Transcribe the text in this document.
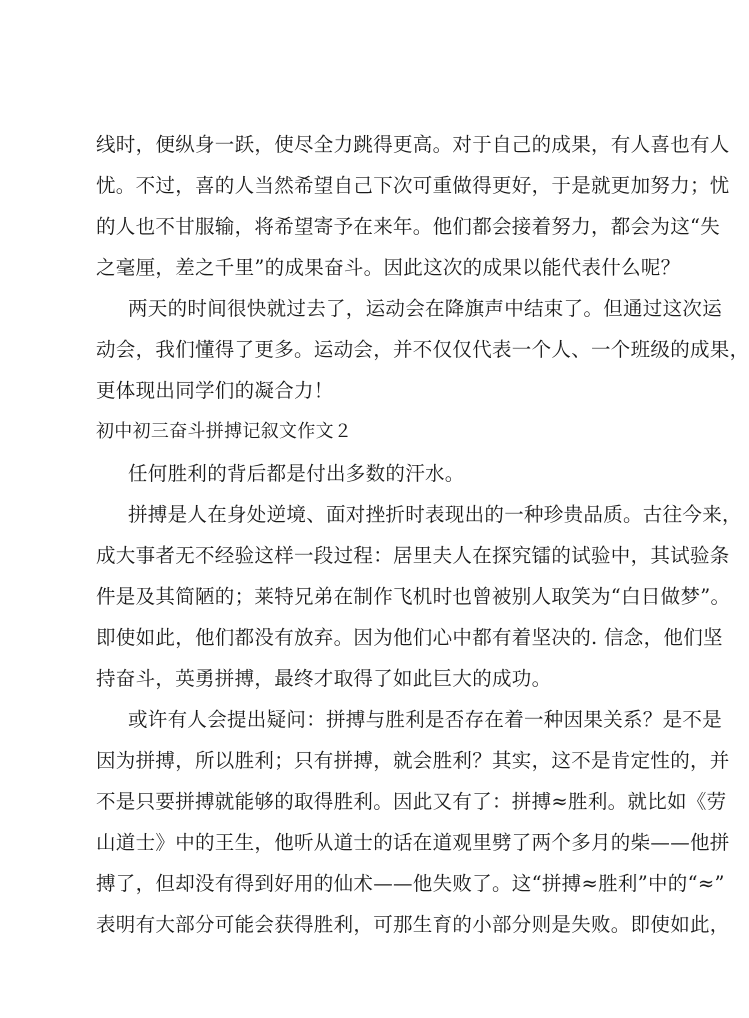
线时，便纵身一跃，使尽全力跳得更高。对于自己的成果，有人喜也有人
忧。不过，喜的人当然希望自己下次可重做得更好，于是就更加努力；忧
的人也不甘服输，将希望寄予在来年。他们都会接着努力，都会为这“失
之毫厘，差之千里”的成果奋斗。因此这次的成果以能代表什么呢？
两天的时间很快就过去了，运动会在降旗声中结束了。但通过这次运
动会，我们懂得了更多。运动会，并不仅仅代表一个人、一个班级的成果，
更体现出同学们的凝合力！
初中初三奋斗拼搏记叙文作文２
任何胜利的背后都是付出多数的汗水。
拼搏是人在身处逆境、面对挫折时表现出的一种珍贵品质。古往今来，
成大事者无不经验这样一段过程：居里夫人在探究镭的试验中，其试验条
件是及其简陋的；莱特兄弟在制作飞机时也曾被别人取笑为“白日做梦”。
即使如此，他们都没有放弃。因为他们心中都有着坚决的. 信念，他们坚
持奋斗，英勇拼搏，最终才取得了如此巨大的成功。
或许有人会提出疑问：拼搏与胜利是否存在着一种因果关系？是不是
因为拼搏，所以胜利；只有拼搏，就会胜利？其实，这不是肯定性的，并
不是只要拼搏就能够的取得胜利。因此又有了：拼搏≈胜利。就比如《劳
山道士》中的王生，他听从道士的话在道观里劈了两个多月的柴——他拼
搏了，但却没有得到好用的仙术——他失败了。这“拼搏≈胜利”中的“≈”
表明有大部分可能会获得胜利，可那生育的小部分则是失败。即使如此，
